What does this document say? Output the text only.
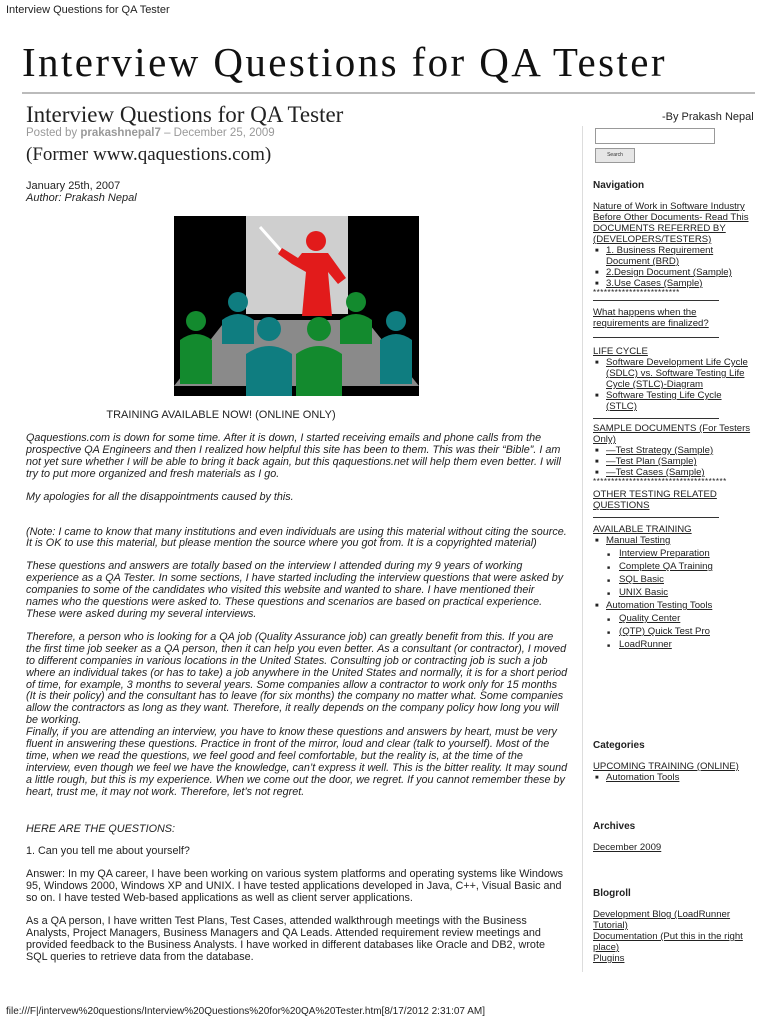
Interview Questions for QA Tester
Interview Questions for QA Tester
-By Prakash Nepal
Interview Questions for QA Tester
Posted by prakashnepal7 – December 25, 2009
(Former www.qaquestions.com)
January 25th, 2007
Author: Prakash Nepal
TRAINING AVAILABLE NOW! (ONLINE ONLY)

Qaquestions.com is down for some time. After it is down, I started receiving emails and phone calls from the prospective QA Engineers and then I realized how helpful this site has been to them. This was their “Bible”. I am not yet sure whether I will be able to bring it back again, but this qaquestions.net will help them even better. I will try to put more organized and fresh materials as I go.

My apologies for all the disappointments caused by this.

(Note: I came to know that many institutions and even individuals are using this material without citing the source. It is OK to use this material, but please mention the source where you got from. It is a copyrighted material)

These questions and answers are totally based on the interview I attended during my 9 years of working experience as a QA Tester. In some sections, I have started including the interview questions that were asked by companies to some of the candidates who visited this website and wanted to share. I have mentioned their names who the questions were asked to. These questions and scenarios are based on practical experience. These were asked during my several interviews.

Therefore, a person who is looking for a QA job (Quality Assurance job) can greatly benefit from this. If you are the first time job seeker as a QA person, then it can help you even better. As a consultant (or contractor), I moved to different companies in various locations in the United States. Consulting job or contracting job is such a job where an individual takes (or has to take) a job anywhere in the United States and normally, it is for a short period of time, for example, 3 months to several years. Some companies allow a contractor to work only for 15 months (It is their policy) and the consultant has to leave (for six months) the company no matter what. Some companies allow the contractors as long as they want. Therefore, it really depends on the company policy how long you will be working.

Finally, if you are attending an interview, you have to know these questions and answers by heart, must be very fluent in answering these questions. Practice in front of the mirror, loud and clear (talk to yourself). Most of the time, when we read the questions, we feel good and feel comfortable, but the reality is, at the time of the interview, even though we feel we have the knowledge, can’t express it well. This is the bitter reality. It may sound a little rough, but this is my experience. When we come out the door, we regret. If you cannot remember these by heart, trust me, it may not work. Therefore, let’s not regret.

HERE ARE THE QUESTIONS:

1. Can you tell me about yourself?

Answer: In my QA career, I have been working on various system platforms and operating systems like Windows 95, Windows 2000, Windows XP and UNIX. I have tested applications developed in Java, C++, Visual Basic and so on. I have tested Web-based applications as well as client server applications.

As a QA person, I have written Test Plans, Test Cases, attended walkthrough meetings with the Business Analysts, Project Managers, Business Managers and QA Leads. Attended requirement review meetings and provided feedback to the Business Analysts. I have worked in different databases like Oracle and DB2, wrote SQL queries to retrieve data from the database.

Search
Navigation
Nature of Work in Software Industry
Before Other Documents- Read This
DOCUMENTS REFERRED BY (DEVELOPERS/TESTERS)
■ 1. Business Requirement Document (BRD)
■ 2.Design Document (Sample)
■ 3.Use Cases (Sample)
************************
What happens when the requirements are finalized?
LIFE CYCLE
■ Software Development Life Cycle (SDLC) vs. Software Testing Life Cycle (STLC)-Diagram
■ Software Testing Life Cycle (STLC)
SAMPLE DOCUMENTS (For Testers Only)
■ —Test Strategy (Sample)
■ —Test Plan (Sample)
■ —Test Cases (Sample)
*************************************
OTHER TESTING RELATED QUESTIONS
AVAILABLE TRAINING
■ Manual Testing
■ Interview Preparation
■ Complete QA Training
■ SQL Basic
■ UNIX Basic
■ Automation Testing Tools
■ Quality Center
■ (QTP) Quick Test Pro
■ LoadRunner
Categories
UPCOMING TRAINING (ONLINE)
■ Automation Tools
Archives
December 2009
Blogroll
Development Blog (LoadRunner Tutorial)
Documentation (Put this in the right place)
Plugins
file:///F|/intervew%20questions/Interview%20Questions%20for%20QA%20Tester.htm[8/17/2012 2:31:07 AM]
